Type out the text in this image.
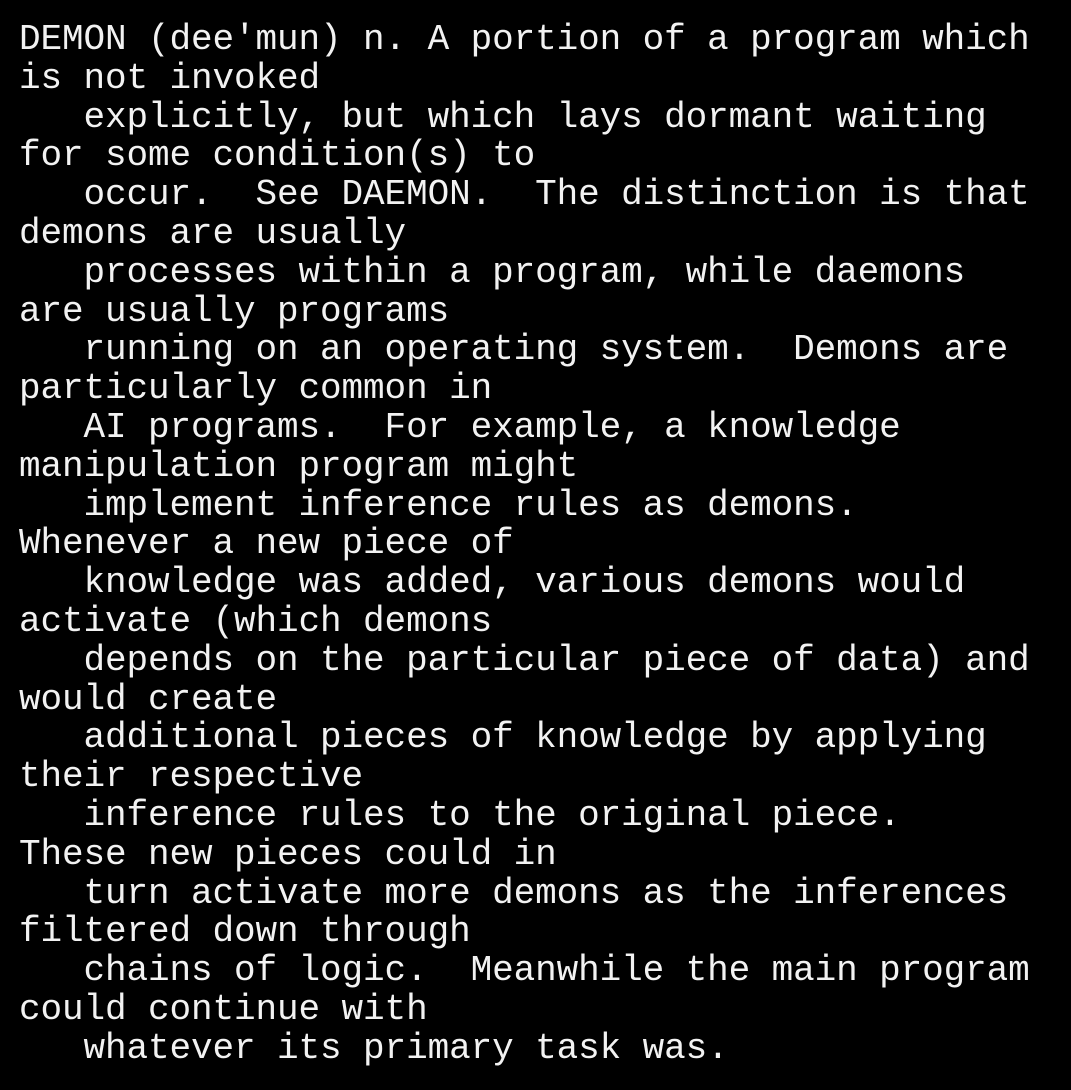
DEMON (dee'mun) n. A portion of a program which
is not invoked
explicitly, but which lays dormant waiting
for some condition(s) to
occur.  See DAEMON.  The distinction is that
demons are usually
processes within a program, while daemons
are usually programs
running on an operating system.  Demons are
particularly common in
AI programs.  For example, a knowledge
manipulation program might
implement inference rules as demons.
Whenever a new piece of
knowledge was added, various demons would
activate (which demons
depends on the particular piece of data) and
would create
additional pieces of knowledge by applying
their respective
inference rules to the original piece.
These new pieces could in
turn activate more demons as the inferences
filtered down through
chains of logic.  Meanwhile the main program
could continue with
whatever its primary task was.
